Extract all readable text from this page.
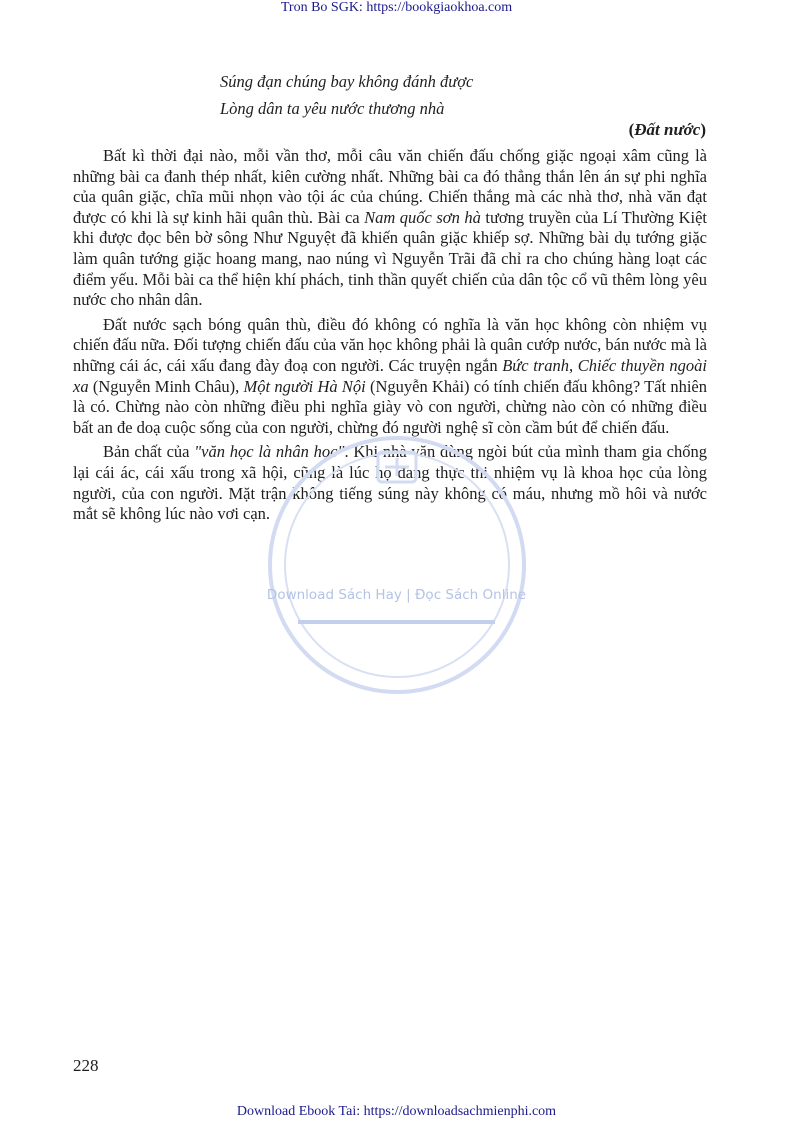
Tron Bo SGK: https://bookgiaokhoa.com
Súng đạn chúng bay không đánh được
Lòng dân ta yêu nước thương nhà
(Đất nước)

Bất kì thời đại nào, mỗi vần thơ, mỗi câu văn chiến đấu chống giặc ngoại xâm cũng là những bài ca đanh thép nhất, kiên cường nhất. Những bài ca đó thẳng thắn lên án sự phi nghĩa của quân giặc, chĩa mũi nhọn vào tội ác của chúng. Chiến thắng mà các nhà thơ, nhà văn đạt được có khi là sự kinh hãi quân thù. Bài ca Nam quốc sơn hà tương truyền của Lí Thường Kiệt khi được đọc bên bờ sông Như Nguyệt đã khiến quân giặc khiếp sợ. Những bài dụ tướng giặc làm quân tướng giặc hoang mang, nao núng vì Nguyễn Trãi đã chỉ ra cho chúng hàng loạt các điểm yếu. Mỗi bài ca thể hiện khí phách, tinh thần quyết chiến của dân tộc cổ vũ thêm lòng yêu nước cho nhân dân.

Đất nước sạch bóng quân thù, điều đó không có nghĩa là văn học không còn nhiệm vụ chiến đấu nữa. Đối tượng chiến đấu của văn học không phải là quân cướp nước, bán nước mà là những cái ác, cái xấu đang đày đoạ con người. Các truyện ngắn Bức tranh, Chiếc thuyền ngoài xa (Nguyễn Minh Châu), Một người Hà Nội (Nguyễn Khải) có tính chiến đấu không? Tất nhiên là có. Chừng nào còn những điều phi nghĩa giày vò con người, chừng nào còn có những điều bất an đe doạ cuộc sống của con người, chừng đó người nghệ sĩ còn cầm bút để chiến đấu.

Bản chất của "văn học là nhân học". Khi nhà văn dùng ngòi bút của mình tham gia chống lại cái ác, cái xấu trong xã hội, cũng là lúc họ đang thực thi nhiệm vụ là khoa học của lòng người, của con người. Mặt trận không tiếng súng này không có máu, nhưng mồ hôi và nước mắt sẽ không lúc nào vơi cạn.

Download Sách Hay | Đọc Sách Online
228
Download Ebook Tai: https://downloadsachmienphi.com
